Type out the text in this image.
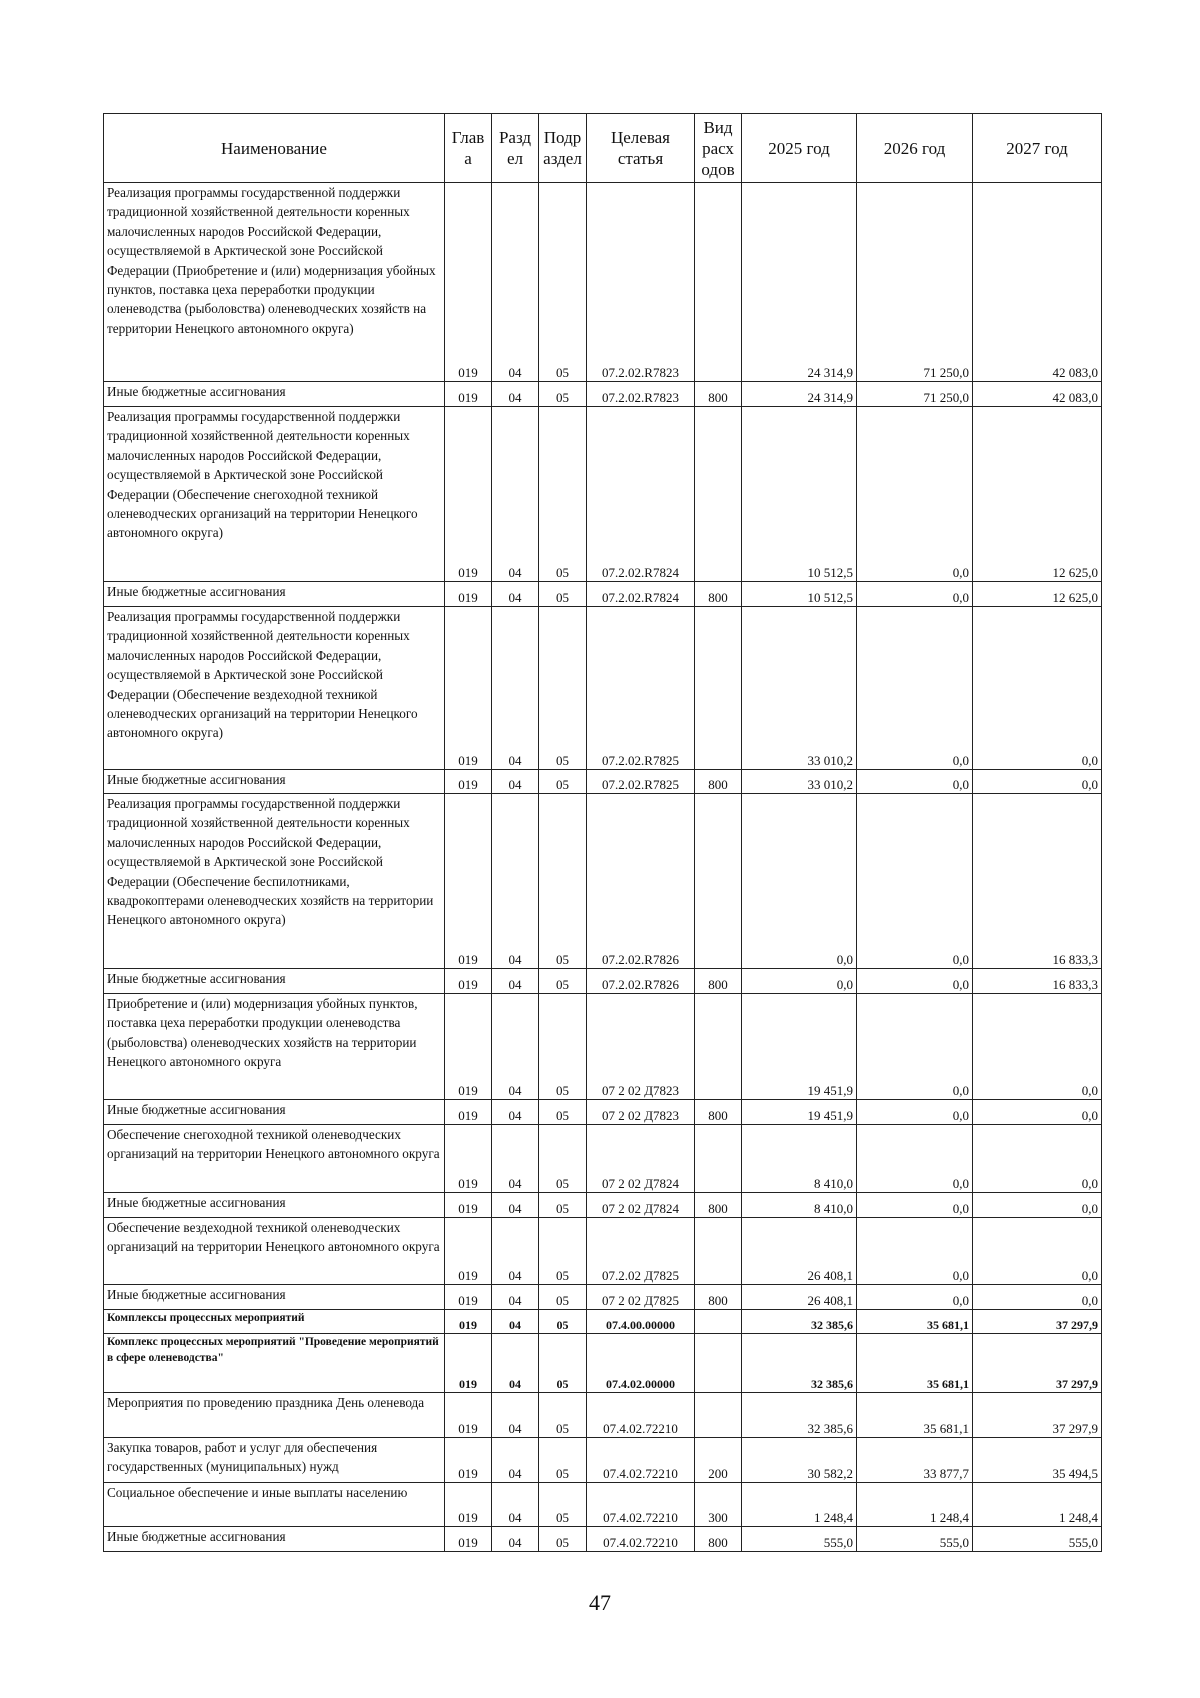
Наименование	Глав а	Разд ел	Подр аздел	Целевая статья	Вид расх одов	2025 год	2026 год	2027 год
Реализация программы государственной поддержки традиционной хозяйственной деятельности коренных малочисленных народов Российской Федерации, осуществляемой в Арктической зоне Российской Федерации (Приобретение и (или) модернизация убойных пунктов, поставка цеха переработки продукции оленеводства (рыболовства) оленеводческих хозяйств на территории Ненецкого автономного округа)	019	04	05	07.2.02.R7823		24 314,9	71 250,0	42 083,0
Иные бюджетные ассигнования	019	04	05	07.2.02.R7823	800	24 314,9	71 250,0	42 083,0
Реализация программы государственной поддержки традиционной хозяйственной деятельности коренных малочисленных народов Российской Федерации, осуществляемой в Арктической зоне Российской Федерации (Обеспечение снегоходной техникой оленеводческих организаций на территории Ненецкого автономного округа)	019	04	05	07.2.02.R7824		10 512,5	0,0	12 625,0
Иные бюджетные ассигнования	019	04	05	07.2.02.R7824	800	10 512,5	0,0	12 625,0
Реализация программы государственной поддержки традиционной хозяйственной деятельности коренных малочисленных народов Российской Федерации, осуществляемой в Арктической зоне Российской Федерации (Обеспечение вездеходной техникой оленеводческих организаций на территории Ненецкого автономного округа)	019	04	05	07.2.02.R7825		33 010,2	0,0	0,0
Иные бюджетные ассигнования	019	04	05	07.2.02.R7825	800	33 010,2	0,0	0,0
Реализация программы государственной поддержки традиционной хозяйственной деятельности коренных малочисленных народов Российской Федерации, осуществляемой в Арктической зоне Российской Федерации (Обеспечение беспилотниками, квадрокоптерами оленеводческих хозяйств на территории Ненецкого автономного округа)	019	04	05	07.2.02.R7826		0,0	0,0	16 833,3
Иные бюджетные ассигнования	019	04	05	07.2.02.R7826	800	0,0	0,0	16 833,3
Приобретение и (или) модернизация убойных пунктов, поставка цеха переработки продукции оленеводства (рыболовства) оленеводческих хозяйств на территории Ненецкого автономного округа	019	04	05	07 2 02 Д7823		19 451,9	0,0	0,0
Иные бюджетные ассигнования	019	04	05	07 2 02 Д7823	800	19 451,9	0,0	0,0
Обеспечение снегоходной техникой оленеводческих организаций на территории Ненецкого автономного округа	019	04	05	07 2 02 Д7824		8 410,0	0,0	0,0
Иные бюджетные ассигнования	019	04	05	07 2 02 Д7824	800	8 410,0	0,0	0,0
Обеспечение вездеходной техникой оленеводческих организаций на территории Ненецкого автономного округа	019	04	05	07.2.02 Д7825		26 408,1	0,0	0,0
Иные бюджетные ассигнования	019	04	05	07 2 02 Д7825	800	26 408,1	0,0	0,0
Комплексы процессных мероприятий	019	04	05	07.4.00.00000		32 385,6	35 681,1	37 297,9
Комплекс процессных мероприятий "Проведение мероприятий в сфере оленеводства"	019	04	05	07.4.02.00000		32 385,6	35 681,1	37 297,9
Мероприятия по проведению праздника День оленевода	019	04	05	07.4.02.72210		32 385,6	35 681,1	37 297,9
Закупка товаров, работ и услуг для обеспечения государственных (муниципальных) нужд	019	04	05	07.4.02.72210	200	30 582,2	33 877,7	35 494,5
Социальное обеспечение и иные выплаты населению	019	04	05	07.4.02.72210	300	1 248,4	1 248,4	1 248,4
Иные бюджетные ассигнования	019	04	05	07.4.02.72210	800	555,0	555,0	555,0
47
